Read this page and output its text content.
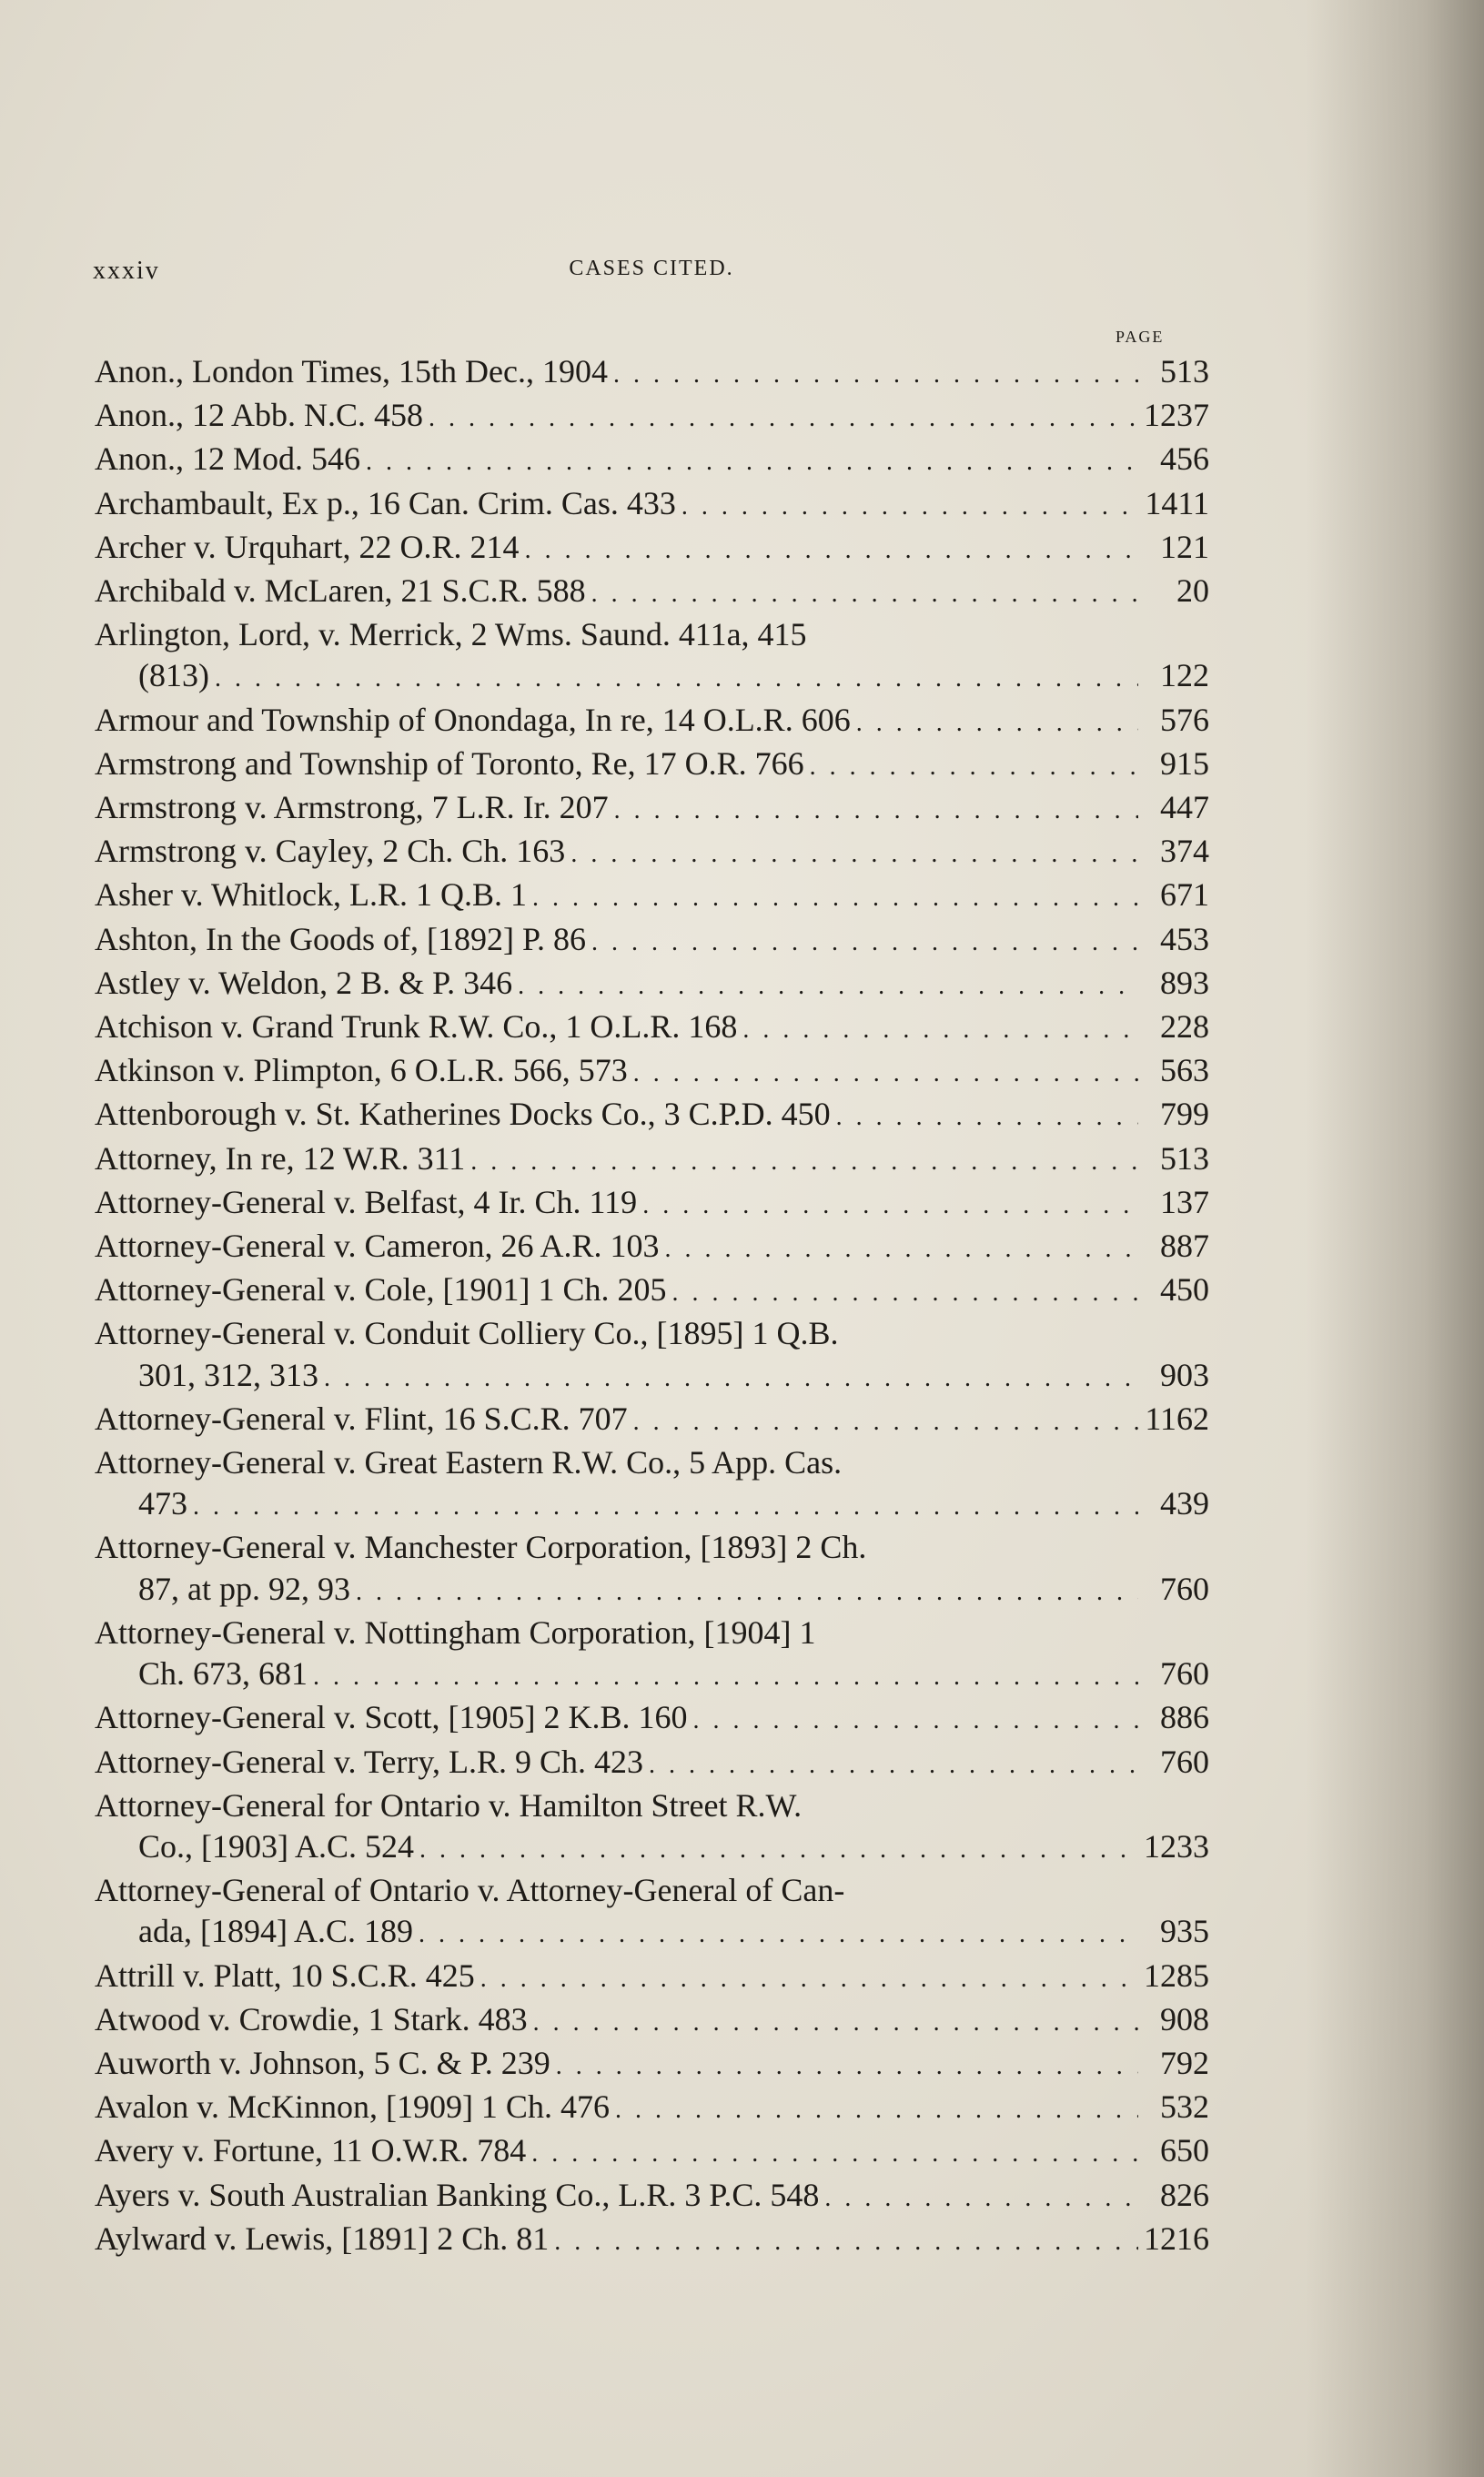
xxxiv	CASES CITED.
PAGE
Anon., London Times, 15th Dec., 1904 . . .	513
Anon., 12 Abb. N.C. 458 . . .	1237
Anon., 12 Mod. 546 . . .	456
Archambault, Ex p., 16 Can. Crim. Cas. 433 . . .	1411
Archer v. Urquhart, 22 O.R. 214 . . .	121
Archibald v. McLaren, 21 S.C.R. 588 . . .	20
Arlington, Lord, v. Merrick, 2 Wms. Saund. 411a, 415
(813) . . .	122
Armour and Township of Onondaga, In re, 14 O.L.R. 606 . . .	576
Armstrong and Township of Toronto, Re, 17 O.R. 766 . . .	915
Armstrong v. Armstrong, 7 L.R. Ir. 207 . . .	447
Armstrong v. Cayley, 2 Ch. Ch. 163 . . .	374
Asher v. Whitlock, L.R. 1 Q.B. 1 . . .	671
Ashton, In the Goods of, [1892] P. 86 . . .	453
Astley v. Weldon, 2 B. & P. 346 . . .	893
Atchison v. Grand Trunk R.W. Co., 1 O.L.R. 168 . . .	228
Atkinson v. Plimpton, 6 O.L.R. 566, 573 . . .	563
Attenborough v. St. Katherines Docks Co., 3 C.P.D. 450 . . .	799
Attorney, In re, 12 W.R. 311 . . .	513
Attorney-General v. Belfast, 4 Ir. Ch. 119 . . .	137
Attorney-General v. Cameron, 26 A.R. 103 . . .	887
Attorney-General v. Cole, [1901] 1 Ch. 205 . . .	450
Attorney-General v. Conduit Colliery Co., [1895] 1 Q.B.
301, 312, 313 . . .	903
Attorney-General v. Flint, 16 S.C.R. 707 . . .	1162
Attorney-General v. Great Eastern R.W. Co., 5 App. Cas.
473 . . .	439
Attorney-General v. Manchester Corporation, [1893] 2 Ch.
87, at pp. 92, 93 . . .	760
Attorney-General v. Nottingham Corporation, [1904] 1
Ch. 673, 681 . . .	760
Attorney-General v. Scott, [1905] 2 K.B. 160 . . .	886
Attorney-General v. Terry, L.R. 9 Ch. 423 . . .	760
Attorney-General for Ontario v. Hamilton Street R.W.
Co., [1903] A.C. 524 . . .	1233
Attorney-General of Ontario v. Attorney-General of Can-
ada, [1894] A.C. 189 . . .	935
Attrill v. Platt, 10 S.C.R. 425 . . .	1285
Atwood v. Crowdie, 1 Stark. 483 . . .	908
Auworth v. Johnson, 5 C. & P. 239 . . .	792
Avalon v. McKinnon, [1909] 1 Ch. 476 . . .	532
Avery v. Fortune, 11 O.W.R. 784 . . .	650
Ayers v. South Australian Banking Co., L.R. 3 P.C. 548 . . .	826
Aylward v. Lewis, [1891] 2 Ch. 81 . . .	1216
